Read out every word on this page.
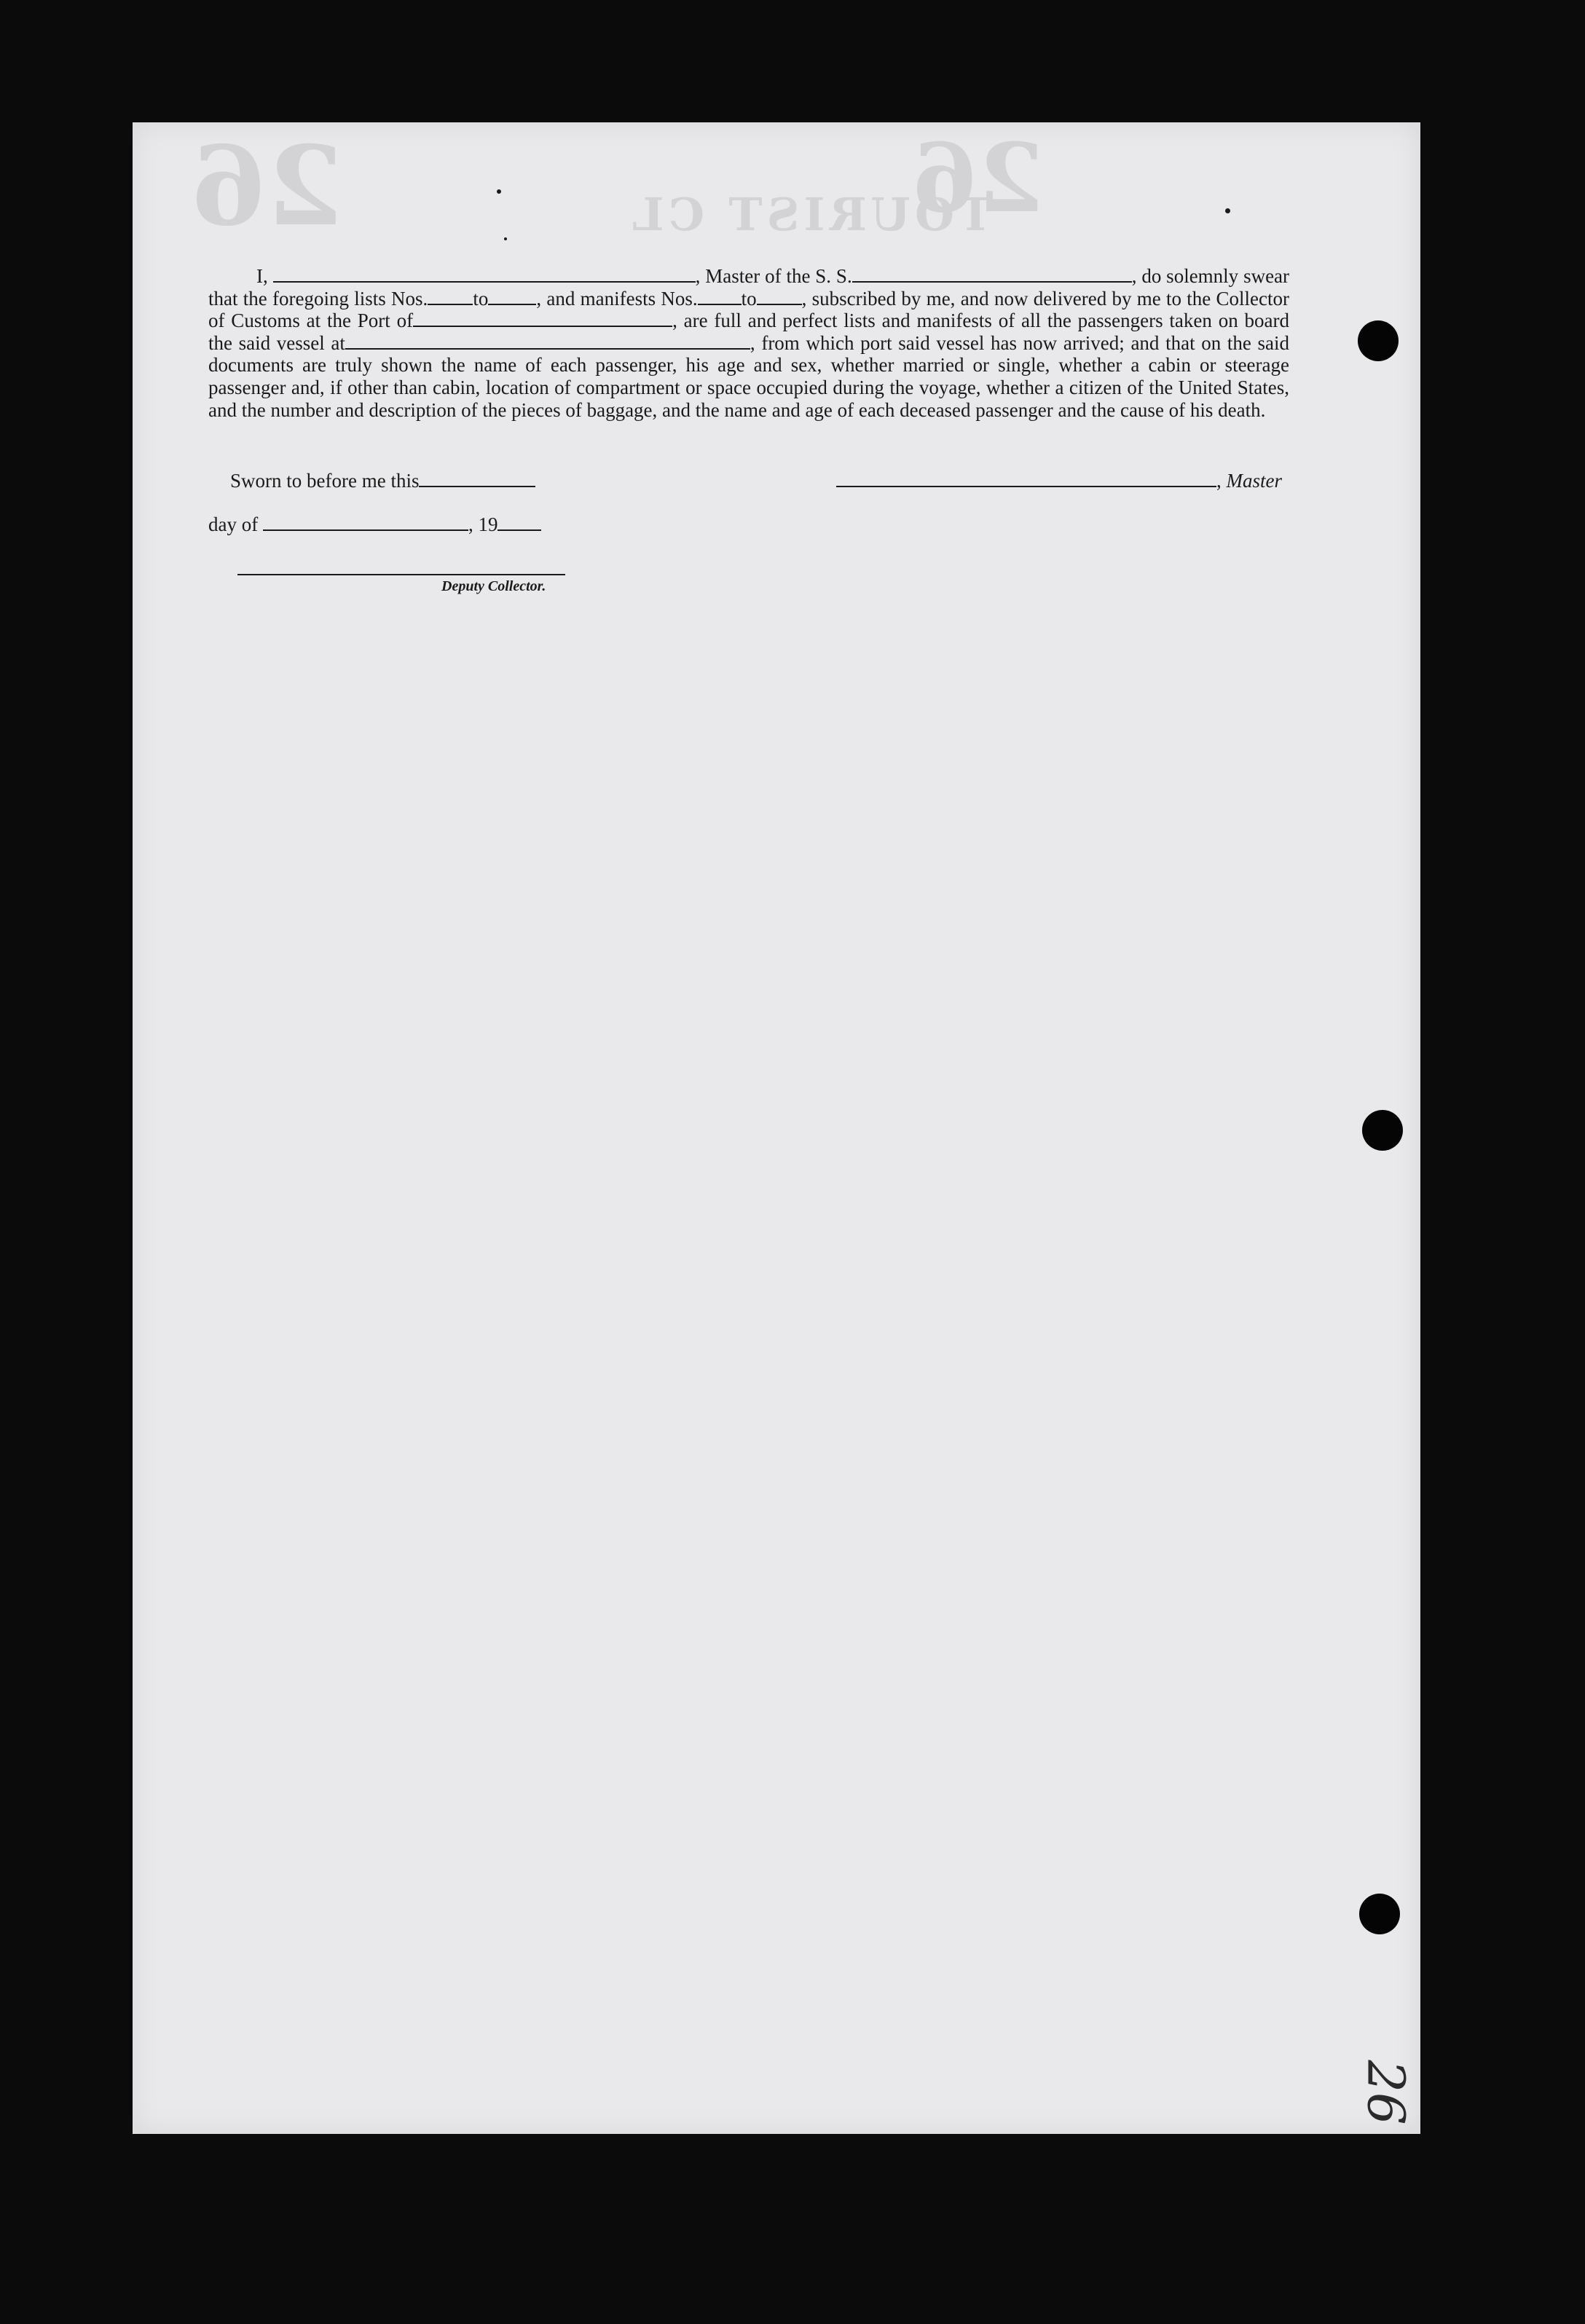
26	26
TOURIST CL

I,	, Master of the S. S.	, do solemnly swear that the foregoing lists Nos. to , and manifests Nos. to , subscribed by me, and now delivered by me to the Collector of Customs at the Port of	, are full and perfect lists and manifests of all the passengers taken on board the said vessel at	, from which port said vessel has now arrived; and that on the said documents are truly shown the name of each passenger, his age and sex, whether married or single, whether a cabin or steerage passenger and, if other than cabin, location of compartment or space occupied during the voyage, whether a citizen of the United States, and the number and description of the pieces of baggage, and the name and age of each deceased passenger and the cause of his death.

Sworn to before me this	, Master
day of	, 19
Deputy Collector.
26
